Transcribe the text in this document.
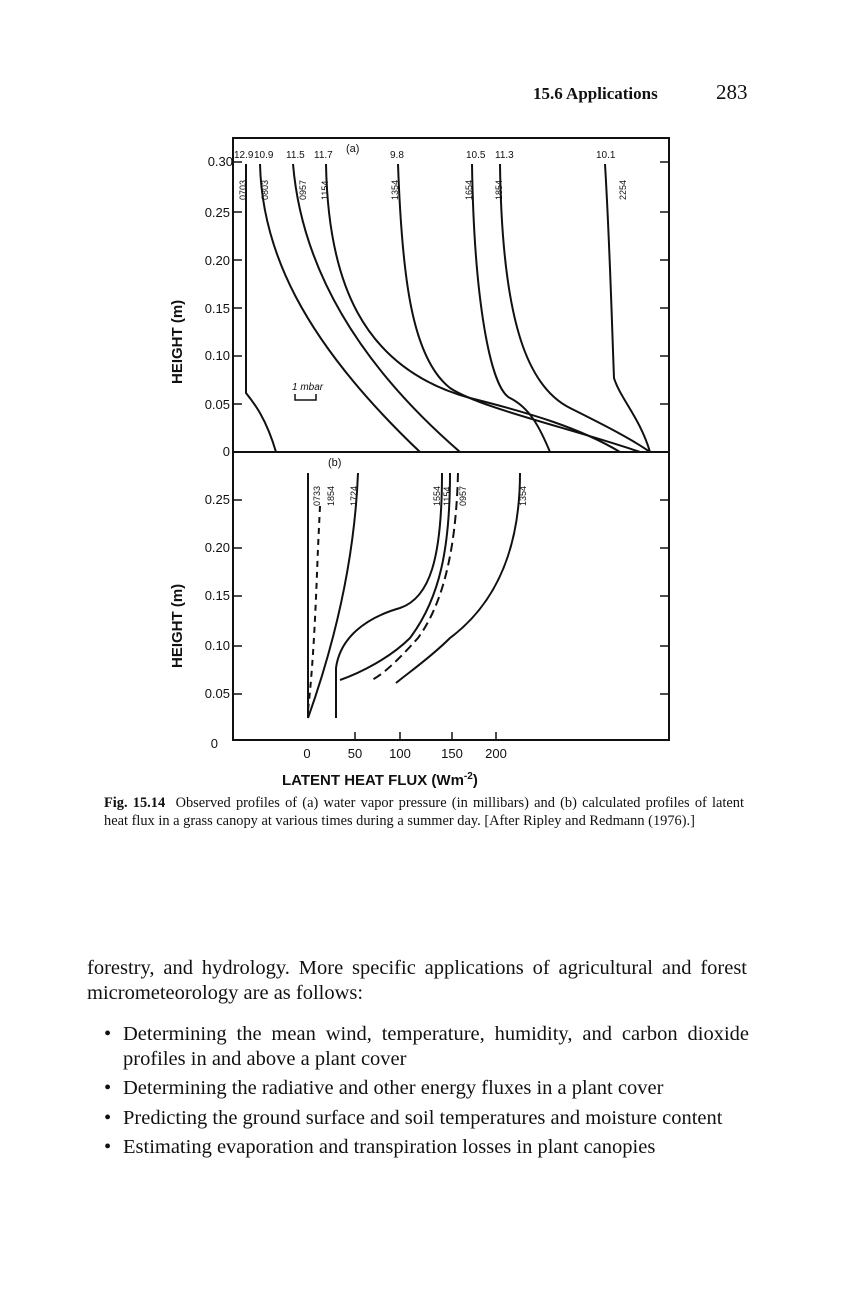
15.6 Applications	283
(a)
HEIGHT (m)
0.30
0.25
0.20
0.15
0.10
0.05
0
12.9 10.9 11.5 11.7	9.8	10.5 11.3	10.1
0703 0803	0957 1154	1354	1654 1854	2254
1 mbar
(b)
HEIGHT (m)
0.25
0.20
0.15
0.10
0.05
0
0733 1854 1724	1554 1154 0957	1354
0	50 100 150 200
LATENT HEAT FLUX $(Wm^{-2})$
Fig. 15.14 Observed profiles of (a) water vapor pressure (in millibars) and (b) calculated profiles of latent heat flux in a grass canopy at various times during a summer day. [After Ripley and Redmann (1976).]

forestry, and hydrology. More specific applications of agricultural and forest micrometeorology are as follows:

• Determining the mean wind, temperature, humidity, and carbon dioxide profiles in and above a plant cover
• Determining the radiative and other energy fluxes in a plant cover
• Predicting the ground surface and soil temperatures and moisture content
• Estimating evaporation and transpiration losses in plant canopies
